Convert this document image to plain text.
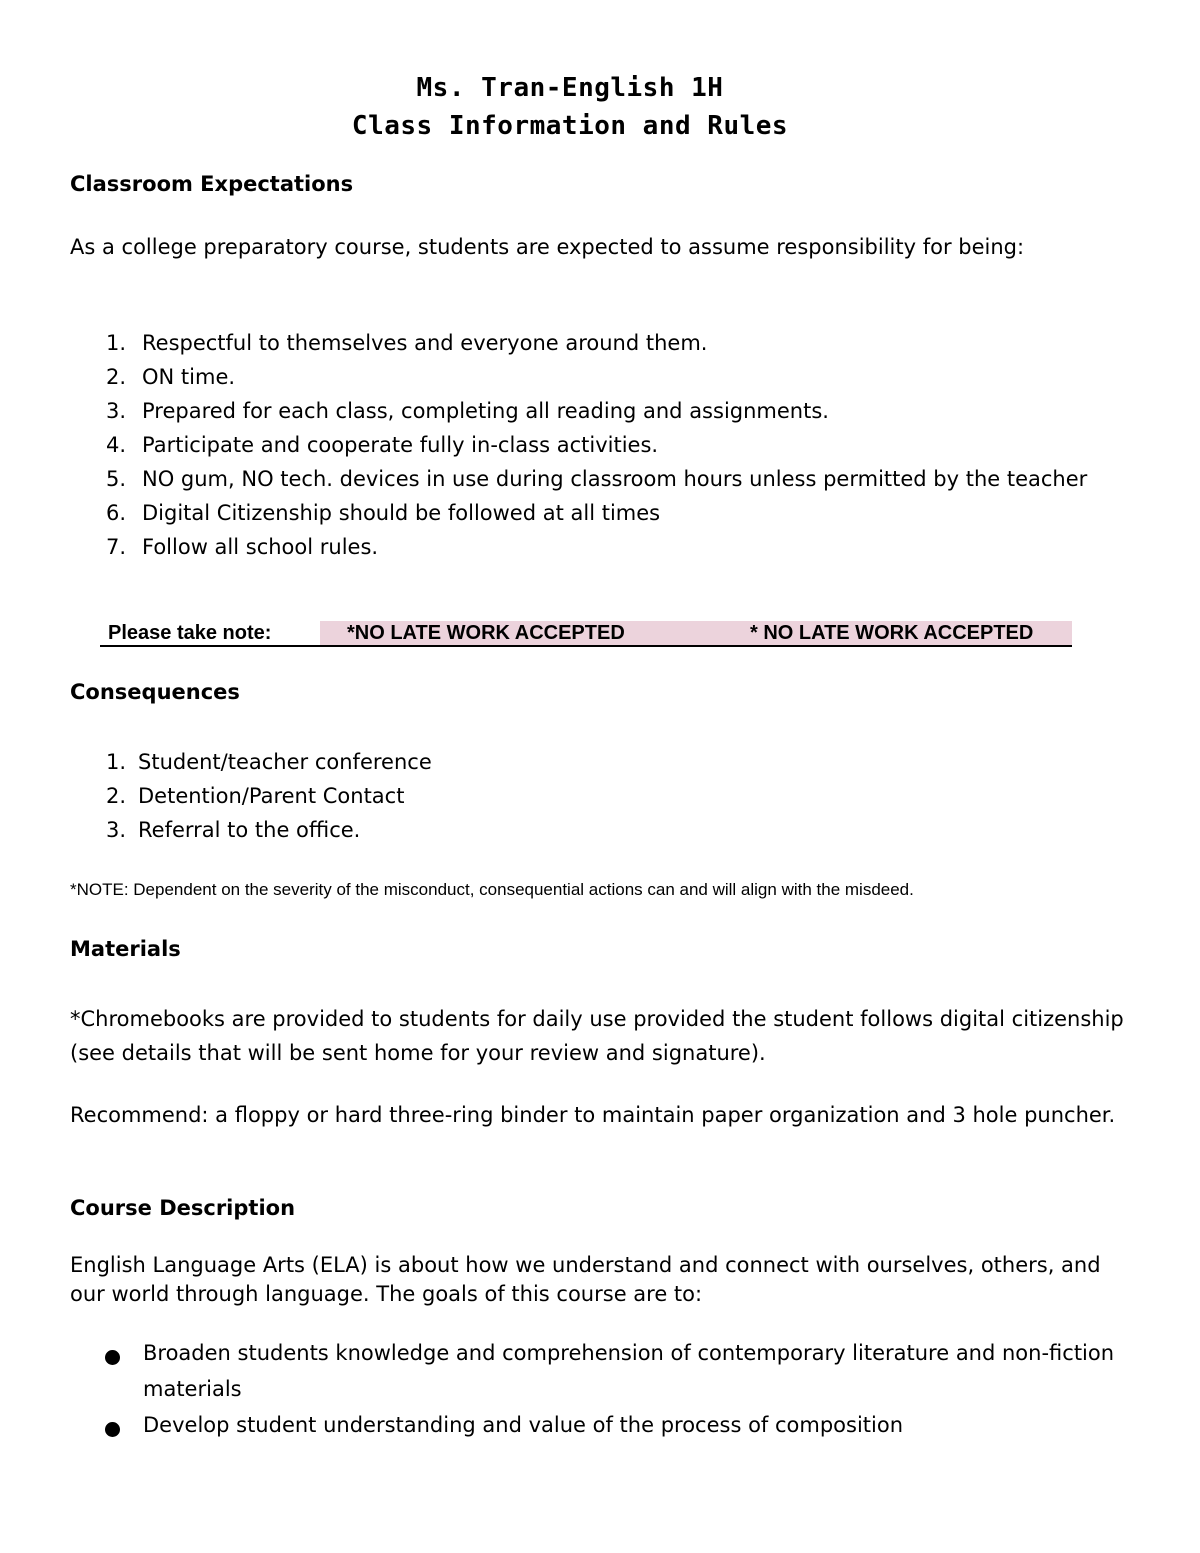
Ms. Tran-English 1H
Class Information and Rules
Classroom Expectations
As a college preparatory course, students are expected to assume responsibility for being:
1. Respectful to themselves and everyone around them.
2. ON time.
3. Prepared for each class, completing all reading and assignments.
4. Participate and cooperate fully in-class activities.
5. NO gum, NO tech. devices in use during classroom hours unless permitted by the teacher
6. Digital Citizenship should be followed at all times
7. Follow all school rules.
Please take note:	*NO LATE WORK ACCEPTED	* NO LATE WORK ACCEPTED
Consequences
1. Student/teacher conference
2. Detention/Parent Contact
3. Referral to the office.
*NOTE: Dependent on the severity of the misconduct, consequential actions can and will align with the misdeed.
Materials
*Chromebooks are provided to students for daily use provided the student follows digital citizenship (see details that will be sent home for your review and signature).
Recommend: a floppy or hard three-ring binder to maintain paper organization and 3 hole puncher.
Course Description
English Language Arts (ELA) is about how we understand and connect with ourselves, others, and our world through language. The goals of this course are to:
Broaden students knowledge and comprehension of contemporary literature and non-fiction materials
Develop student understanding and value of the process of composition
